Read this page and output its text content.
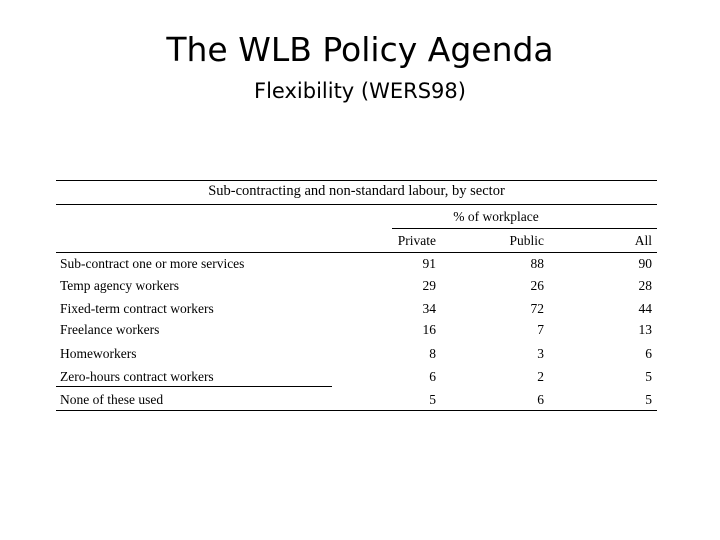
The WLB Policy Agenda
Flexibility (WERS98)
Sub-contracting and non-standard labour, by sector
% of workplace
Private	Public	All
Sub-contract one or more services	91	88	90
Temp agency workers	29	26	28
Fixed-term contract workers	34	72	44
Freelance workers	16	7	13
Homeworkers	8	3	6
Zero-hours contract workers	6	2	5
None of these used	5	6	5
